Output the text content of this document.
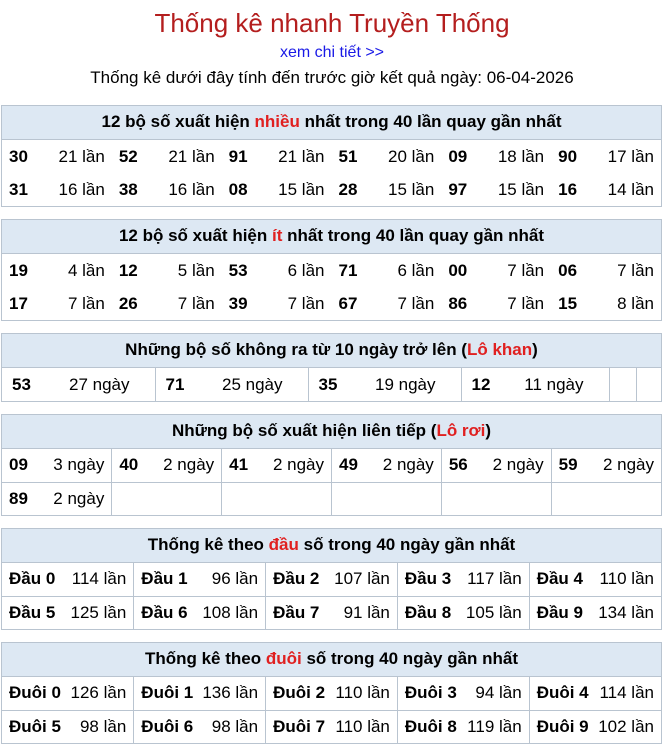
Thống kê nhanh Truyền Thống
xem chi tiết >>
Thống kê dưới đây tính đến trước giờ kết quả ngày: 06-04-2026
12 bộ số xuất hiện nhiều nhất trong 40 lần quay gần nhất
30 21 lần	52 21 lần	91 21 lần	51 20 lần	09 18 lần	90 17 lần

31 16 lần	38 16 lần	08 15 lần	28 15 lần	97 15 lần	16 14 lần
12 bộ số xuất hiện ít nhất trong 40 lần quay gần nhất
19 4 lần	12 5 lần	53 6 lần	71 6 lần	00 7 lần	06 7 lần

17 7 lần	26 7 lần	39 7 lần	67 7 lần	86 7 lần	15 8 lần
Những bộ số không ra từ 10 ngày trở lên (Lô khan)
53 27 ngày	71 25 ngày	35 19 ngày	12 11 ngày

Những bộ số xuất hiện liên tiếp (Lô rơi)
09 3 ngày	40 2 ngày	41 2 ngày	49 2 ngày	56 2 ngày	59 2 ngày

89 2 ngày					

Thống kê theo đầu số trong 40 ngày gần nhất
Đầu 0 114 lần	Đầu 1 96 lần	Đầu 2 107 lần	Đầu 3 117 lần	Đầu 4 110 lần

Đầu 5 125 lần	Đầu 6 108 lần	Đầu 7 91 lần	Đầu 8 105 lần	Đầu 9 134 lần
Thống kê theo đuôi số trong 40 ngày gần nhất
Đuôi 0 126 lần	Đuôi 1 136 lần	Đuôi 2 110 lần	Đuôi 3 94 lần	Đuôi 4 114 lần

Đuôi 5 98 lần	Đuôi 6 98 lần	Đuôi 7 110 lần	Đuôi 8 119 lần	Đuôi 9 102 lần
